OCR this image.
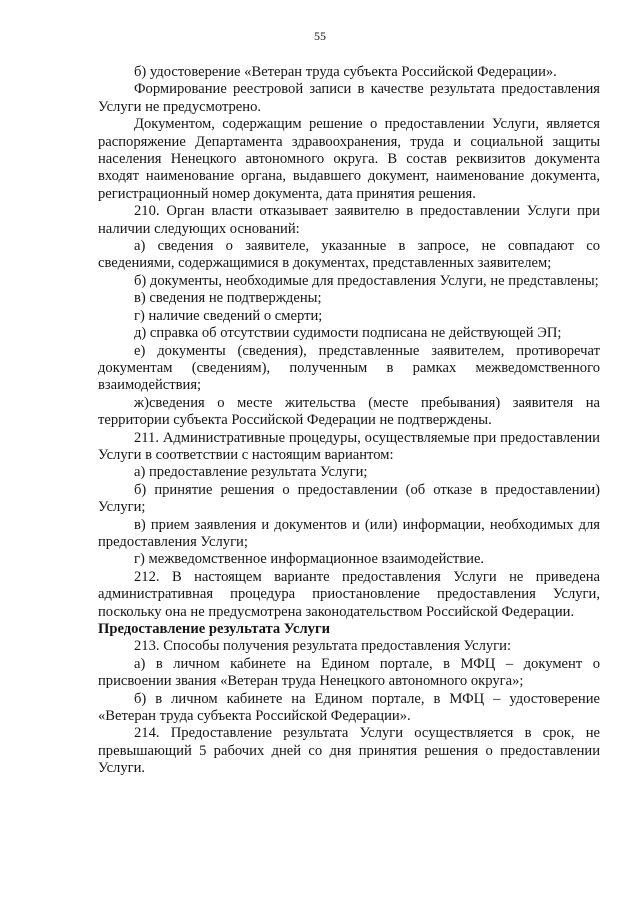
55

б) удостоверение «Ветеран труда субъекта Российской Федерации».

Формирование реестровой записи в качестве результата предоставления Услуги не предусмотрено.

Документом, содержащим решение о предоставлении Услуги, является распоряжение Департамента здравоохранения, труда и социальной защиты населения Ненецкого автономного округа. В состав реквизитов документа входят наименование органа, выдавшего документ, наименование документа, регистрационный номер документа, дата принятия решения.

210. Орган власти отказывает заявителю в предоставлении Услуги при наличии следующих оснований:

а) сведения о заявителе, указанные в запросе, не совпадают со сведениями, содержащимися в документах, представленных заявителем;

б) документы, необходимые для предоставления Услуги, не представлены;

в) сведения не подтверждены;

г) наличие сведений о смерти;

д) справка об отсутствии судимости подписана не действующей ЭП;

е) документы (сведения), представленные заявителем, противоречат документам (сведениям), полученным в рамках межведомственного взаимодействия;

ж)сведения о месте жительства (месте пребывания) заявителя на территории субъекта Российской Федерации не подтверждены.

211. Административные процедуры, осуществляемые при предоставлении Услуги в соответствии с настоящим вариантом:

а) предоставление результата Услуги;

б) принятие решения о предоставлении (об отказе в предоставлении) Услуги;

в) прием заявления и документов и (или) информации, необходимых для предоставления Услуги;

г) межведомственное информационное взаимодействие.

212. В настоящем варианте предоставления Услуги не приведена административная процедура приостановление предоставления Услуги, поскольку она не предусмотрена законодательством Российской Федерации.

Предоставление результата Услуги

213. Способы получения результата предоставления Услуги:

а) в личном кабинете на Едином портале, в МФЦ – документ о присвоении звания «Ветеран труда Ненецкого автономного округа»;

б) в личном кабинете на Едином портале, в МФЦ – удостоверение «Ветеран труда субъекта Российской Федерации».

214. Предоставление результата Услуги осуществляется в срок, не превышающий 5 рабочих дней со дня принятия решения о предоставлении Услуги.
